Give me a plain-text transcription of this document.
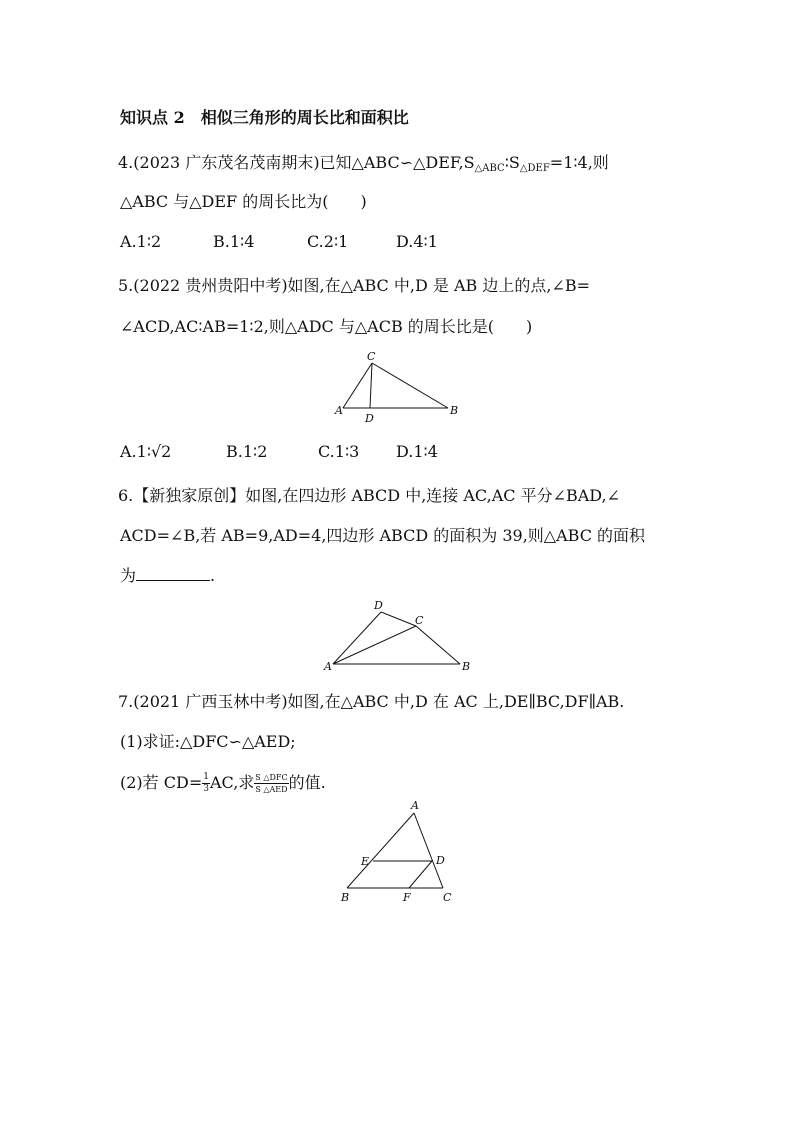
知识点 2　相似三角形的周长比和面积比
4.(2023 广东茂名茂南期末)已知△ABC∽△DEF,S△ABC∶S△DEF=1∶4,则
△ABC 与△DEF 的周长比为(　　)
A.1∶2	B.1∶4	C.2∶1	D.4∶1
5.(2022 贵州贵阳中考)如图,在△ABC 中,D 是 AB 边上的点,∠B=
∠ACD,AC∶AB=1∶2,则△ADC 与△ACB 的周长比是(　　)
C
A
D
B
A.1∶√2	B.1∶2	C.1∶3 D.1∶4
6.【新独家原创】如图,在四边形 ABCD 中,连接 AC,AC 平分∠BAD,∠
ACD=∠B,若 AB=9,AD=4,四边形 ABCD 的面积为 39,则△ABC 的面积
为	.
D
C
A	B
7.(2021 广西玉林中考)如图,在△ABC 中,D 在 AC 上,DE∥BC,DF∥AB.
(1)求证:△DFC∽△AED;
(2)若 $CD= \frac{1}{3}$ AC,求 $\frac{\text{S △DFC}}{\text{S △AED}}$ 的值.
A
E	D
B	F	C
